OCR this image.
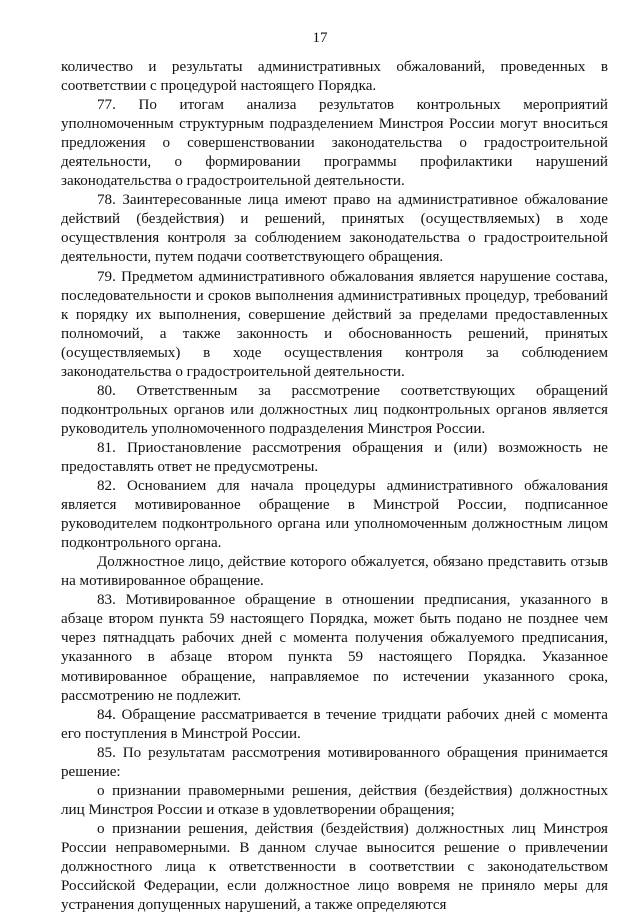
17

количество и результаты административных обжалований, проведенных в соответствии с процедурой настоящего Порядка.

77. По итогам анализа результатов контрольных мероприятий уполномоченным структурным подразделением Минстроя России могут вноситься предложения о совершенствовании законодательства о градостроительной деятельности, о формировании программы профилактики нарушений законодательства о градостроительной деятельности.

78. Заинтересованные лица имеют право на административное обжалование действий (бездействия) и решений, принятых (осуществляемых) в ходе осуществления контроля за соблюдением законодательства о градостроительной деятельности, путем подачи соответствующего обращения.

79. Предметом административного обжалования является нарушение состава, последовательности и сроков выполнения административных процедур, требований к порядку их выполнения, совершение действий за пределами предоставленных полномочий, а также законность и обоснованность решений, принятых (осуществляемых) в ходе осуществления контроля за соблюдением законодательства о градостроительной деятельности.

80. Ответственным за рассмотрение соответствующих обращений подконтрольных органов или должностных лиц подконтрольных органов является руководитель уполномоченного подразделения Минстроя России.

81. Приостановление рассмотрения обращения и (или) возможность не предоставлять ответ не предусмотрены.

82. Основанием для начала процедуры административного обжалования является мотивированное обращение в Минстрой России, подписанное руководителем подконтрольного органа или уполномоченным должностным лицом подконтрольного органа.

Должностное лицо, действие которого обжалуется, обязано представить отзыв на мотивированное обращение.

83. Мотивированное обращение в отношении предписания, указанного в абзаце втором пункта 59 настоящего Порядка, может быть подано не позднее чем через пятнадцать рабочих дней с момента получения обжалуемого предписания, указанного в абзаце втором пункта 59 настоящего Порядка. Указанное мотивированное обращение, направляемое по истечении указанного срока, рассмотрению не подлежит.

84. Обращение рассматривается в течение тридцати рабочих дней с момента его поступления в Минстрой России.

85. По результатам рассмотрения мотивированного обращения принимается решение:

о признании правомерными решения, действия (бездействия) должностных лиц Минстроя России и отказе в удовлетворении обращения;

о признании решения, действия (бездействия) должностных лиц Минстроя России неправомерными. В данном случае выносится решение о привлечении должностного лица к ответственности в соответствии с законодательством Российской Федерации, если должностное лицо вовремя не приняло меры для устранения допущенных нарушений, а также определяются
